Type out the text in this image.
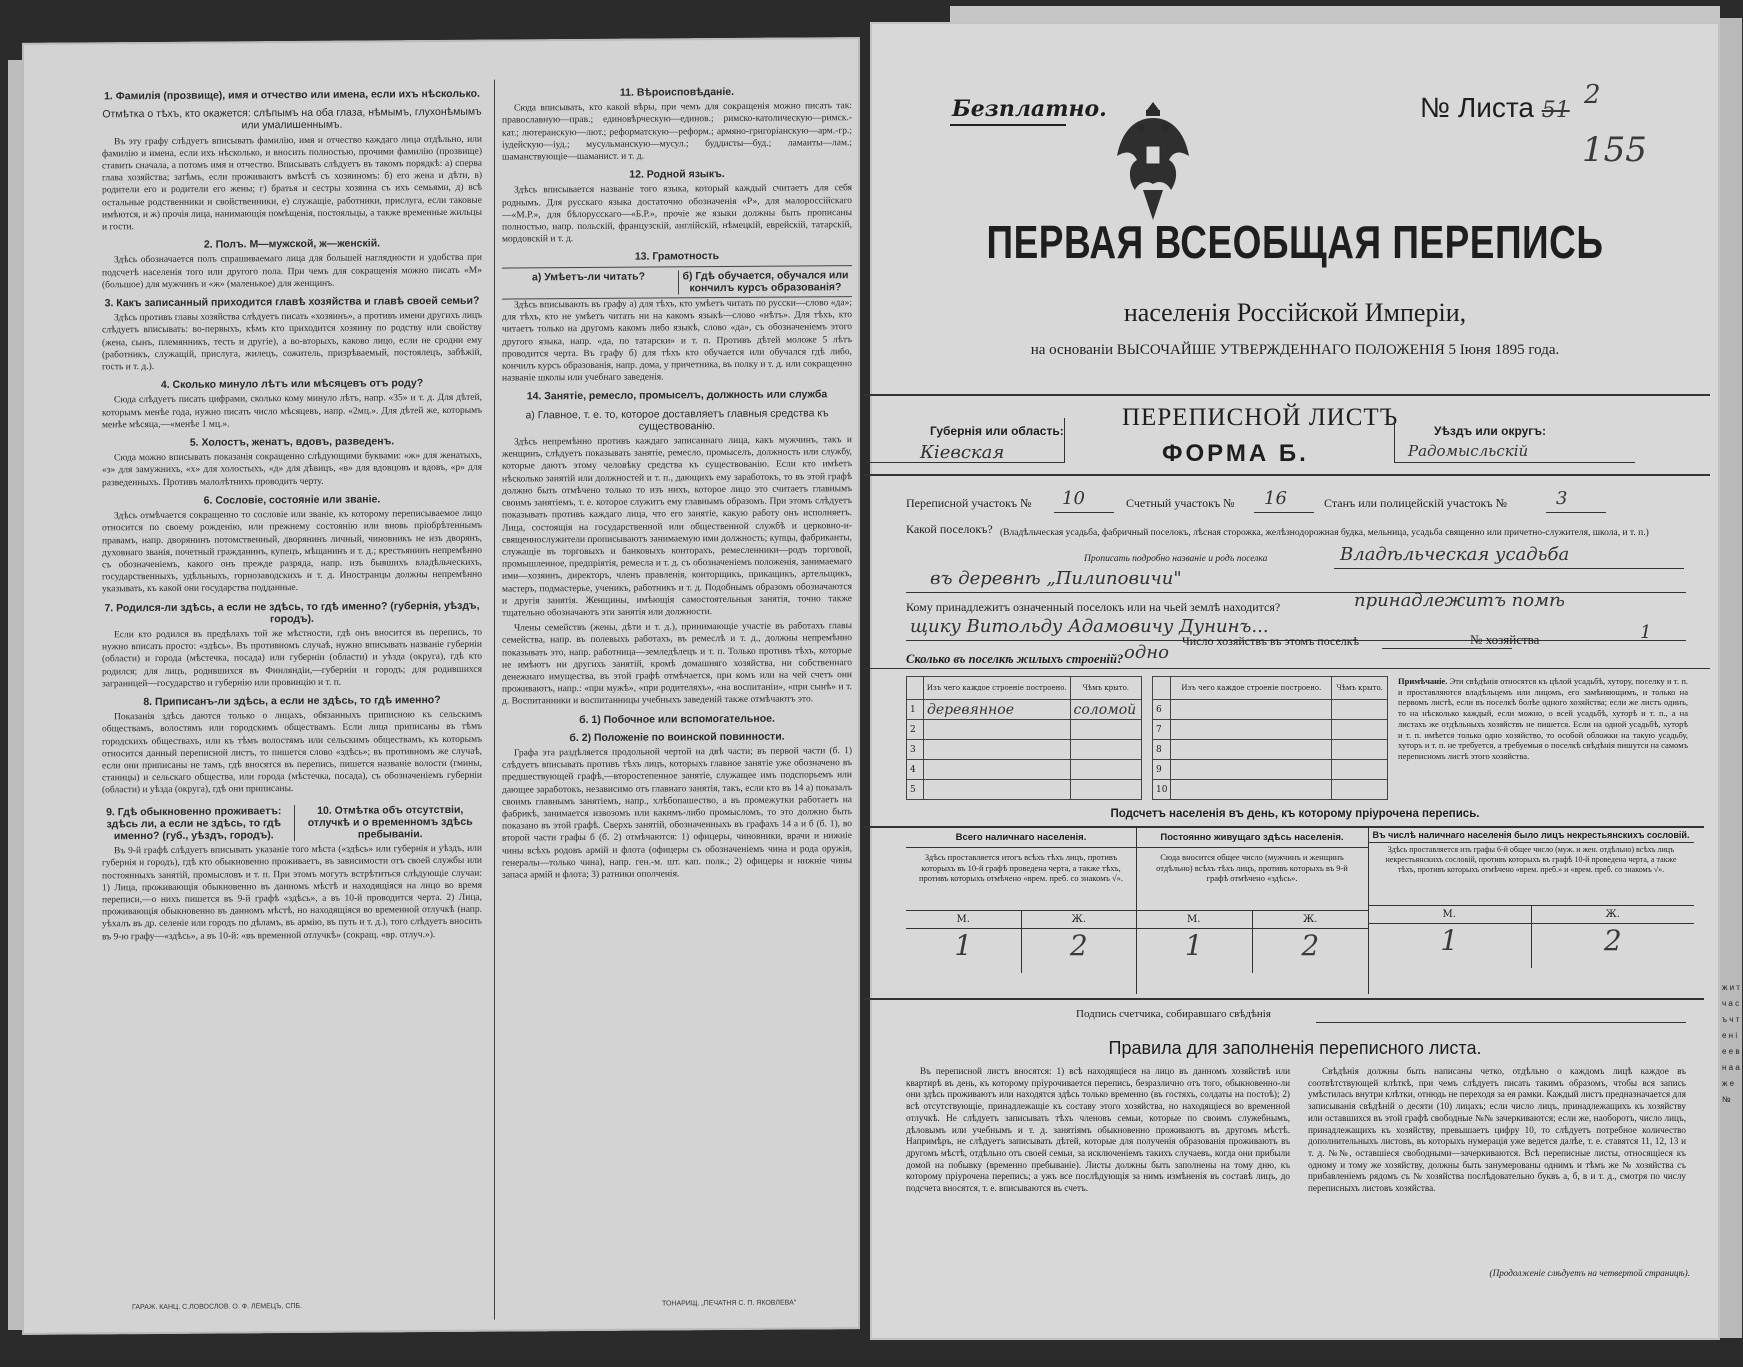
1. Фамилія (прозвище), имя и отчество или имена, если ихъ нѣсколько.
Отмѣтка о тѣхъ, кто окажется: слѣпымъ на оба глаза, нѣмымъ, глухонѣмымъ или умалишеннымъ.

Въ эту графу слѣдуетъ вписывать фамилію, имя и отчество каждаго лица отдѣльно, или фамилію и имена, если ихъ нѣсколько, и вносить полностью, прочими фамилію (прозвище) ставить сначала, а потомъ имя и отчество. Вписывать слѣдуетъ въ такомъ порядкѣ: а) сперва глава хозяйства; затѣмъ, если проживаютъ вмѣстѣ съ хозяиномъ: б) его жена и дѣти, в) родители его и родители его жены; г) братья и сестры хозяина съ ихъ семьями, д) всѣ остальные родственники и свойственники, е) служащіе, работники, прислуга, если таковые имѣются, и ж) прочія лица, нанимающія помѣщенія, постояльцы, а также временные жильцы и гости.

2. Полъ. М—мужской, ж—женскій.

Здѣсь обозначается полъ спрашиваемаго лица для большей наглядности и удобства при подсчетѣ населенія того или другого пола. При чемъ для сокращенія можно писать «М» (большое) для мужчинъ и «ж» (маленькое) для женщинъ.

3. Какъ записанный приходится главѣ хозяйства и главѣ своей семьи?

Здѣсь противъ главы хозяйства слѣдуетъ писать «хозяинъ», а противъ имени другихъ лицъ слѣдуетъ вписывать: во-первыхъ, кѣмъ кто приходится хозяину по родству или свойству (жена, сынъ, племянникъ, тесть и другіе), а во-вторыхъ, каково лицо, если не сродни ему (работникъ, служащій, прислуга, жилецъ, сожитель, призрѣваемый, постоялецъ, забѣжій, гость и т. д.).

4. Сколько минуло лѣтъ или мѣсяцевъ отъ роду?

Сюда слѣдуетъ писать цифрами, сколько кому минуло лѣтъ, напр. «35» и т. д. Для дѣтей, которымъ менѣе года, нужно писать число мѣсяцевъ, напр. «2мц.». Для дѣтей же, которымъ менѣе мѣсяца,—«менѣе 1 мц.».

5. Холостъ, женатъ, вдовъ, разведенъ.

Сюда можно вписывать показанія сокращенно слѣдующими буквами: «ж» для женатыхъ, «з» для замужнихъ, «х» для холостыхъ, «д» для дѣвицъ, «в» для вдовцовъ и вдовъ, «р» для разведенныхъ. Противъ малолѣтнихъ проводить черту.

6. Сословіе, состояніе или званіе.

Здѣсь отмѣчается сокращенно то сословіе или званіе, къ которому переписываемое лицо относится по своему рожденію, или прежнему состоянію или вновь пріобрѣтеннымъ правамъ, напр. дворянинъ потомственный, дворянинъ личный, чиновникъ не изъ дворянъ, духовнаго званія, почетный гражданинъ, купецъ, мѣщанинъ и т. д.; крестьянинъ непремѣнно съ обозначеніемъ, какого онъ прежде разряда, напр. изъ бывшихъ владѣльческихъ, государственныхъ, удѣльныхъ, горнозаводскихъ и т. д. Иностранцы должны непремѣнно указывать, къ какой они государства подданные.

7. Родился-ли здѣсь, а если не здѣсь, то гдѣ именно? (губернія, уѣздъ, городъ).

Если кто родился въ предѣлахъ той же мѣстности, гдѣ онъ вносится въ перепись, то нужно вписать просто: «здѣсь». Въ противномъ случаѣ, нужно вписывать названіе губерніи (области) и города (мѣстечка, посада) или губерніи (области) и уѣзда (округа), гдѣ кто родился; для лицъ, родившихся въ Финляндіи,—губерніи и городъ; для родившихся заграницей—государство и губернію или провинцію и т. п.

8. Приписанъ-ли здѣсь, а если не здѣсь, то гдѣ именно?

Показанія здѣсь даются только о лицахъ, обязанныхъ приписною къ сельскимъ обществамъ, волостямъ или городскимъ обществамъ. Если лица приписаны въ тѣмъ городскихъ обществахъ, или къ тѣмъ волостямъ или сельскимъ обществамъ, къ которымъ относится данный переписной листъ, то пишется слово «здѣсь»; въ противномъ же случаѣ, если они приписаны не тамъ, гдѣ вносятся въ перепись, пишется названіе волости (гмины, станицы) и сельскаго общества, или города (мѣстечка, посада), съ обозначеніемъ губерніи (области) и уѣзда (округа), гдѣ они приписаны.

9. Гдѣ обыкновенно проживаетъ: здѣсь ли, а если не здѣсь, то гдѣ именно? (губ., уѣздъ, городъ).
10. Отмѣтка объ отсутствіи, отлучкѣ и о временномъ здѣсь пребываніи.

Въ 9-й графѣ слѣдуетъ вписывать указаніе того мѣста («здѣсь» или губернія и уѣздъ, или губернія и городъ), гдѣ кто обыкновенно проживаетъ, въ зависимости отъ своей службы или постоянныхъ занятій, промысловъ и т. п. При этомъ могутъ встрѣтиться слѣдующіе случаи: 1) Лица, проживающія обыкновенно въ данномъ мѣстѣ и находящіяся на лицо во время переписи,—о нихъ пишется въ 9-й графѣ «здѣсь», а въ 10-й проводится черта. 2) Лица, проживающія обыкновенно въ данномъ мѣстѣ, но находящіяся во временной отлучкѣ (напр. уѣхалъ въ др. селеніе или городъ по дѣламъ, въ армію, въ путь и т. д.), того слѣдуетъ вносить въ 9-ю графу—«здѣсь», а въ 10-й: «въ временной отлучкѣ» (сокращ. «вр. отлуч.»).

11. Вѣроисповѣданіе.

Сюда вписывать, кто какой вѣры, при чемъ для сокращенія можно писать так: православную—прав.; единовѣрческую—единов.; римско-католическую—римск.-кат.; лютеранскую—лют.; реформатскую—реформ.; армяно-григоріанскую—арм.-гр.; іудейскую—іуд.; мусульманскую—мусул.; буддисты—буд.; ламаиты—лам.; шаманствующіе—шаманист. и т. д.

12. Родной языкъ.

Здѣсь вписывается названіе того языка, который каждый считаетъ для себя роднымъ. Для русскаго языка достаточно обозначенія «Р», для малороссійскаго—«М.Р.», для бѣлорусскаго—«Б.Р.», прочіе же языки должны быть прописаны полностью, напр. польскій, французскій, англійскій, нѣмецкій, еврейскій, татарскій, мордовскій и т. д.

13. Грамотность
а) Умѣетъ-ли читать?	б) Гдѣ обучается, обучался или кончилъ курсъ образованія?

Здѣсь вписывають въ графу а) для тѣхъ, кто умѣетъ читать по русски—слово «да»; для тѣхъ, кто не умѣетъ читать ни на какомъ языкѣ—слово «нѣтъ». Для тѣхъ, кто читаетъ только на другомъ какомъ либо языкѣ, слово «да», съ обозначеніемъ этого другого языка, напр. «да, по татарски» и т. п. Противъ дѣтей моложе 5 лѣтъ проводится черта. Въ графу б) для тѣхъ кто обучается или обучался гдѣ либо, кончилъ курсъ образованія, напр. дома, у причетника, въ полку и т. д. или сокращенно названіе школы или учебнаго заведенія.

14. Занятіе, ремесло, промыселъ, должность или служба
а) Главное, т. е. то, которое доставляетъ главныя средства къ существованію.

Здѣсь непремѣнно противъ каждаго записаннаго лица, какъ мужчинъ, такъ и женщинъ, слѣдуетъ показывать занятіе, ремесло, промыселъ, должность или службу, которые даютъ этому человѣку средства къ существованію. Если кто имѣетъ нѣсколько занятій или должностей и т. п., дающихъ ему заработокъ, то въ этой графѣ должно быть отмѣчено только то изъ нихъ, которое лицо это считаетъ главнымъ своимъ занятіемъ, т. е. которое служитъ ему главнымъ образомъ. При этомъ слѣдуетъ показывать противъ каждаго лица, что его занятіе, какую работу онъ исполняетъ. Лица, состоящія на государственной или общественной службѣ и церковно-и-священнослужители прописываютъ занимаемую ими должность; купцы, фабриканты, служащіе въ торговыхъ и банковыхъ конторахъ, ремесленники—родъ торговой, промышленное, предпріятія, ремесла и т. д. съ обозначеніемъ положенія, занимаемаго ими—хозяинъ, директоръ, членъ правленія, конторщикъ, прикащикъ, артельщикъ, мастеръ, подмастерье, ученикъ, работникъ и т. д. Подобнымъ образомъ обозначаются и другія занятія. Женщины, имѣющія самостоятельныя занятія, точно также тщательно обозначаютъ эти занятія или должности.

Члены семействъ (жены, дѣти и т. д.), принимающіе участіе въ работахъ главы семейства, напр. въ полевыхъ работахъ, въ ремеслѣ и т. д., должны непремѣнно показывать это, напр. работница—земледѣлецъ и т. п. Только противъ тѣхъ, которые не имѣютъ ни другихъ занятій, кромѣ домашняго хозяйства, ни собственнаго денежнаго имущества, въ этой графѣ отмѣчается, при комъ или на чей счетъ они проживаютъ, напр.: «при мужѣ», «при родителяхъ», «на воспитаніи», «при сынѣ» и т. д. Воспитанники и воспитанницы учебныхъ заведеній также отмѣчаютъ это.

б. 1) Побочное или вспомогательное.
б. 2) Положеніе по воинской повинности.

Графа эта раздѣляется продольной чертой на двѣ части; въ первой части (б. 1) слѣдуетъ вписывать противъ тѣхъ лицъ, которыхъ главное занятіе уже обозначено въ предшествующей графѣ,—второстепенное занятіе, служащее имъ подспорьемъ или дающее заработокъ, независимо отъ главнаго занятія, такъ, если кто въ 14 а) показалъ своимъ главнымъ занятіемъ, напр., хлѣбопашество, а въ промежутки работаетъ на фабрикѣ, занимается извозомъ или какимъ-либо промысломъ, то это должно быть показано въ этой графѣ. Сверхъ занятій, обозначенныхъ въ графахъ 14 а и б (б. 1), во второй части графы б (б. 2) отмѣчаются: 1) офицеры, чиновники, врачи и нижніе чины всѣхъ родовъ армій и флота (офицеры съ обозначеніемъ чина и рода оружія, генералы—только чина), напр. ген.-м. шт. кап. полк.; 2) офицеры и нижніе чины запаса армій и флота; 3) ратники ополченія.

ГАРАЖ. КАНЦ. С.ЛОВОСЛОВ. О. Ф. ЛЕМЕЦЪ, СПБ.	ТОНАРИЩ. „ПЕЧАТНЯ С. П. ЯКОВЛЕВА"
Безплатно.	№ Листа 51
2
155
ПЕРВАЯ ВСЕОБЩАЯ ПЕРЕПИСЬ
населенія Россійской Имперіи,
на основаніи ВЫСОЧАЙШЕ УТВЕРЖДЕННАГО ПОЛОЖЕНІЯ 5 Іюня 1895 года.
Губернія или область:
Кіевская
ПЕРЕПИСНОЙ ЛИСТЪ
ФОРМА Б.
Уѣздъ или округъ:
Радомысльскій
Переписной участокъ № 10	Счетный участокъ № 16	Станъ или полицейскій участокъ №	3
Какой поселокъ? (Владѣльческая усадьба, фабричный поселокъ, лѣсная сторожка, желѣзнодорожная будка, мельница, усадьба священно или причетно-служителя, школа, и т. п.)
Прописать подробно названіе и родъ поселка	Владѣльческая усадьба
въ деревнѣ „Пилиповичи"
Кому принадлежитъ означенный поселокъ или на чьей землѣ находится?	принадлежитъ помѣ
щику Витольду Адамовичу Дунинъ...
Число хозяйствъ въ этомъ поселкѣ	№ хозяйства	1
Сколько въ поселкѣ жилыхъ строеній? одно
	Изъ чего каждое строеніе построено.	Чѣмъ крыто.
1	деревянное	соломой
2		
3		
4		
5		
	Изъ чего каждое строеніе построено.	Чѣмъ крыто.
6		
7		
8		
9		
10		
Примѣчаніе. Эти свѣдѣнія относятся къ цѣлой усадьбѣ, хутору, поселку и т. п. и проставляются владѣльцемъ или лицомъ, его замѣняющимъ, и только на первомъ листѣ, если въ поселкѣ болѣе одного хозяйства; если же листъ одинъ, то на нѣсколько каждый, если можно, о всей усадьбѣ, хуторѣ и т. п., а на листахъ же отдѣльныхъ хозяйствъ не пишется. Если на одной усадьбѣ, хуторѣ и т. п. имѣется только одно хозяйство, то особой обложки на такую усадьбу, хуторъ и т. п. не требуется, а требуемыя о поселкѣ свѣдѣнія пишутся на самомъ переписномъ листѣ этого хозяйства.
Подсчетъ населенія въ день, къ которому пріурочена перепись.
Всего наличнаго населенія.
Здѣсь проставляется итогъ всѣхъ тѣхъ лицъ, противъ которыхъ въ 10-й графѣ проведена черта, а также тѣхъ, противъ которыхъ отмѣчено «врем. преб. со знакомъ √».
М.	Ж.
1	2
Постоянно живущаго здѣсь населенія.
Сюда вносится общее число (мужчинъ и женщинъ отдѣльно) всѣхъ тѣхъ лицъ, противъ которыхъ въ 9-й графѣ отмѣчено «здѣсь».
М.	Ж.
1	2
Въ числѣ наличнаго населенія было лицъ некрестьянскихъ сословій.
Здѣсь проставляется изъ графы 6-й общее число (муж. и жен. отдѣльно) всѣхъ лицъ некрестьянскихъ сословій, противъ которыхъ въ графѣ 10-й проведена черта, а также тѣхъ, противъ которыхъ отмѣчено «врем. преб.» и «врем. преб. со знакомъ √».
М.	Ж.
1	2
Подпись счетчика, собиравшаго свѣдѣнія
Правила для заполненія переписного листа.

Въ переписной листъ вносятся: 1) всѣ находящіеся на лицо въ данномъ хозяйствѣ или квартирѣ въ день, къ которому пріурочивается перепись, безразлично отъ того, обыкновенно-ли они здѣсь проживаютъ или находятся здѣсь только временно (въ гостяхъ, солдаты на постоѣ); 2) всѣ отсутствующіе, принадлежащіе къ составу этого хозяйства, но находящіеся во временной отлучкѣ. Не слѣдуетъ записывать тѣхъ членовъ семьи, которые по своимъ служебнымъ, дѣловымъ или учебнымъ и т. д. занятіямъ обыкновенно проживаютъ въ другомъ мѣстѣ. Напримѣръ, не слѣдуетъ записывать дѣтей, которые для полученія образованія проживаютъ въ другомъ мѣстѣ, отдѣльно отъ своей семьи, за исключеніемъ такихъ случаевъ, когда они прибыли домой на побывку (временно пребываніе). Листы должны быть заполнены на тому дню, къ которому пріурочена перепись; а ужъ все послѣдующія за нимъ измѣненія въ составѣ лицъ, до подсчета вносятся, т. е. вписываются въ счетъ.

Свѣдѣнія должны быть написаны четко, отдѣльно о каждомъ лицѣ каждое въ соотвѣтствующей клѣткѣ, при чемъ слѣдуетъ писать такимъ образомъ, чтобы вся запись умѣстилась внутри клѣтки, отнюдь не переходя за ея рамки. Каждый листъ предназначается для записыванія свѣдѣній о десяти (10) лицахъ; если число лицъ, принадлежащихъ къ хозяйству или оставшихся въ этой графѣ свободные №№ зачеркиваются; если же, наоборотъ, число лицъ, принадлежащихъ къ хозяйству, превышаетъ цифру 10, то слѣдуетъ потребное количество дополнительныхъ листовъ, въ которыхъ нумерація уже ведется далѣе, т. е. ставятся 11, 12, 13 и т. д. №№, оставшіеся свободными—зачеркиваются. Всѣ переписные листы, относящіеся къ одному и тому же хозяйству, должны быть занумерованы однимъ и тѣмъ же № хозяйства съ прибавленіемъ рядомъ съ № хозяйства послѣдовательно буквъ а, б, в и т. д., смотря по числу переписныхъ листовъ хозяйства.

(Продолженіе слѣдуетъ на четвертой страницѣ).
ж и т ч а с ъ ч т е н і е е в н а а ж е №
